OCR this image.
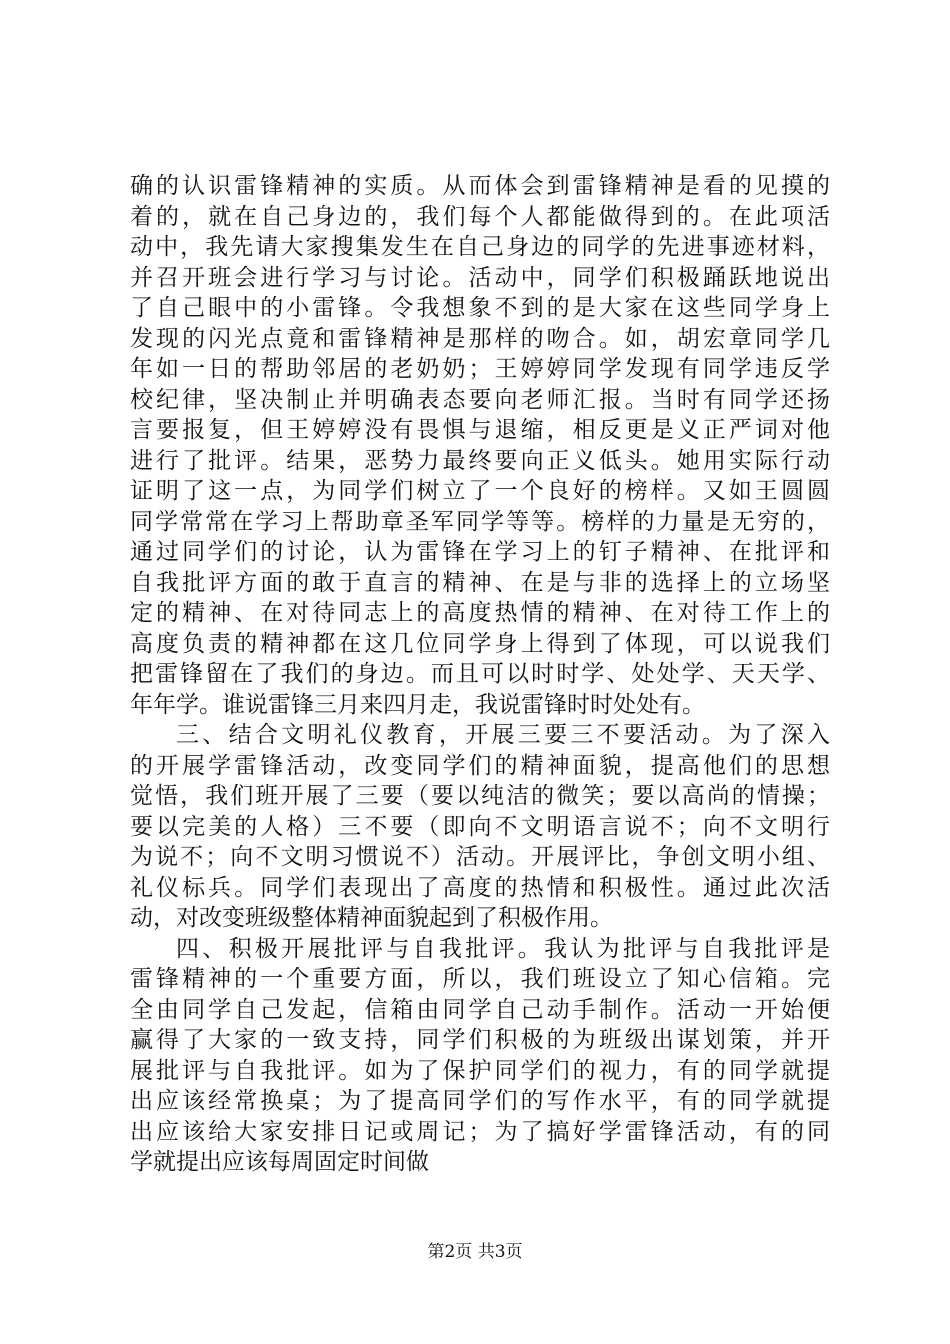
确的认识雷锋精神的实质。从而体会到雷锋精神是看的见摸的
着的，就在自己身边的，我们每个人都能做得到的。在此项活
动中，我先请大家搜集发生在自己身边的同学的先进事迹材料，
并召开班会进行学习与讨论。活动中，同学们积极踊跃地说出
了自己眼中的小雷锋。令我想象不到的是大家在这些同学身上
发现的闪光点竟和雷锋精神是那样的吻合。如，胡宏章同学几
年如一日的帮助邻居的老奶奶；王婷婷同学发现有同学违反学
校纪律，坚决制止并明确表态要向老师汇报。当时有同学还扬
言要报复，但王婷婷没有畏惧与退缩，相反更是义正严词对他
进行了批评。结果，恶势力最终要向正义低头。她用实际行动
证明了这一点，为同学们树立了一个良好的榜样。又如王圆圆
同学常常在学习上帮助章圣军同学等等。榜样的力量是无穷的，
通过同学们的讨论，认为雷锋在学习上的钉子精神、在批评和
自我批评方面的敢于直言的精神、在是与非的选择上的立场坚
定的精神、在对待同志上的高度热情的精神、在对待工作上的
高度负责的精神都在这几位同学身上得到了体现，可以说我们
把雷锋留在了我们的身边。而且可以时时学、处处学、天天学、
年年学。谁说雷锋三月来四月走，我说雷锋时时处处有。
三、结合文明礼仪教育，开展三要三不要活动。为了深入
的开展学雷锋活动，改变同学们的精神面貌，提高他们的思想
觉悟，我们班开展了三要（要以纯洁的微笑；要以高尚的情操；
要以完美的人格）三不要（即向不文明语言说不；向不文明行
为说不；向不文明习惯说不）活动。开展评比，争创文明小组、
礼仪标兵。同学们表现出了高度的热情和积极性。通过此次活
动，对改变班级整体精神面貌起到了积极作用。
四、积极开展批评与自我批评。我认为批评与自我批评是
雷锋精神的一个重要方面，所以，我们班设立了知心信箱。完
全由同学自己发起，信箱由同学自己动手制作。活动一开始便
赢得了大家的一致支持，同学们积极的为班级出谋划策，并开
展批评与自我批评。如为了保护同学们的视力，有的同学就提
出应该经常换桌；为了提高同学们的写作水平，有的同学就提
出应该给大家安排日记或周记；为了搞好学雷锋活动，有的同
学就提出应该每周固定时间做
第2页 共3页
